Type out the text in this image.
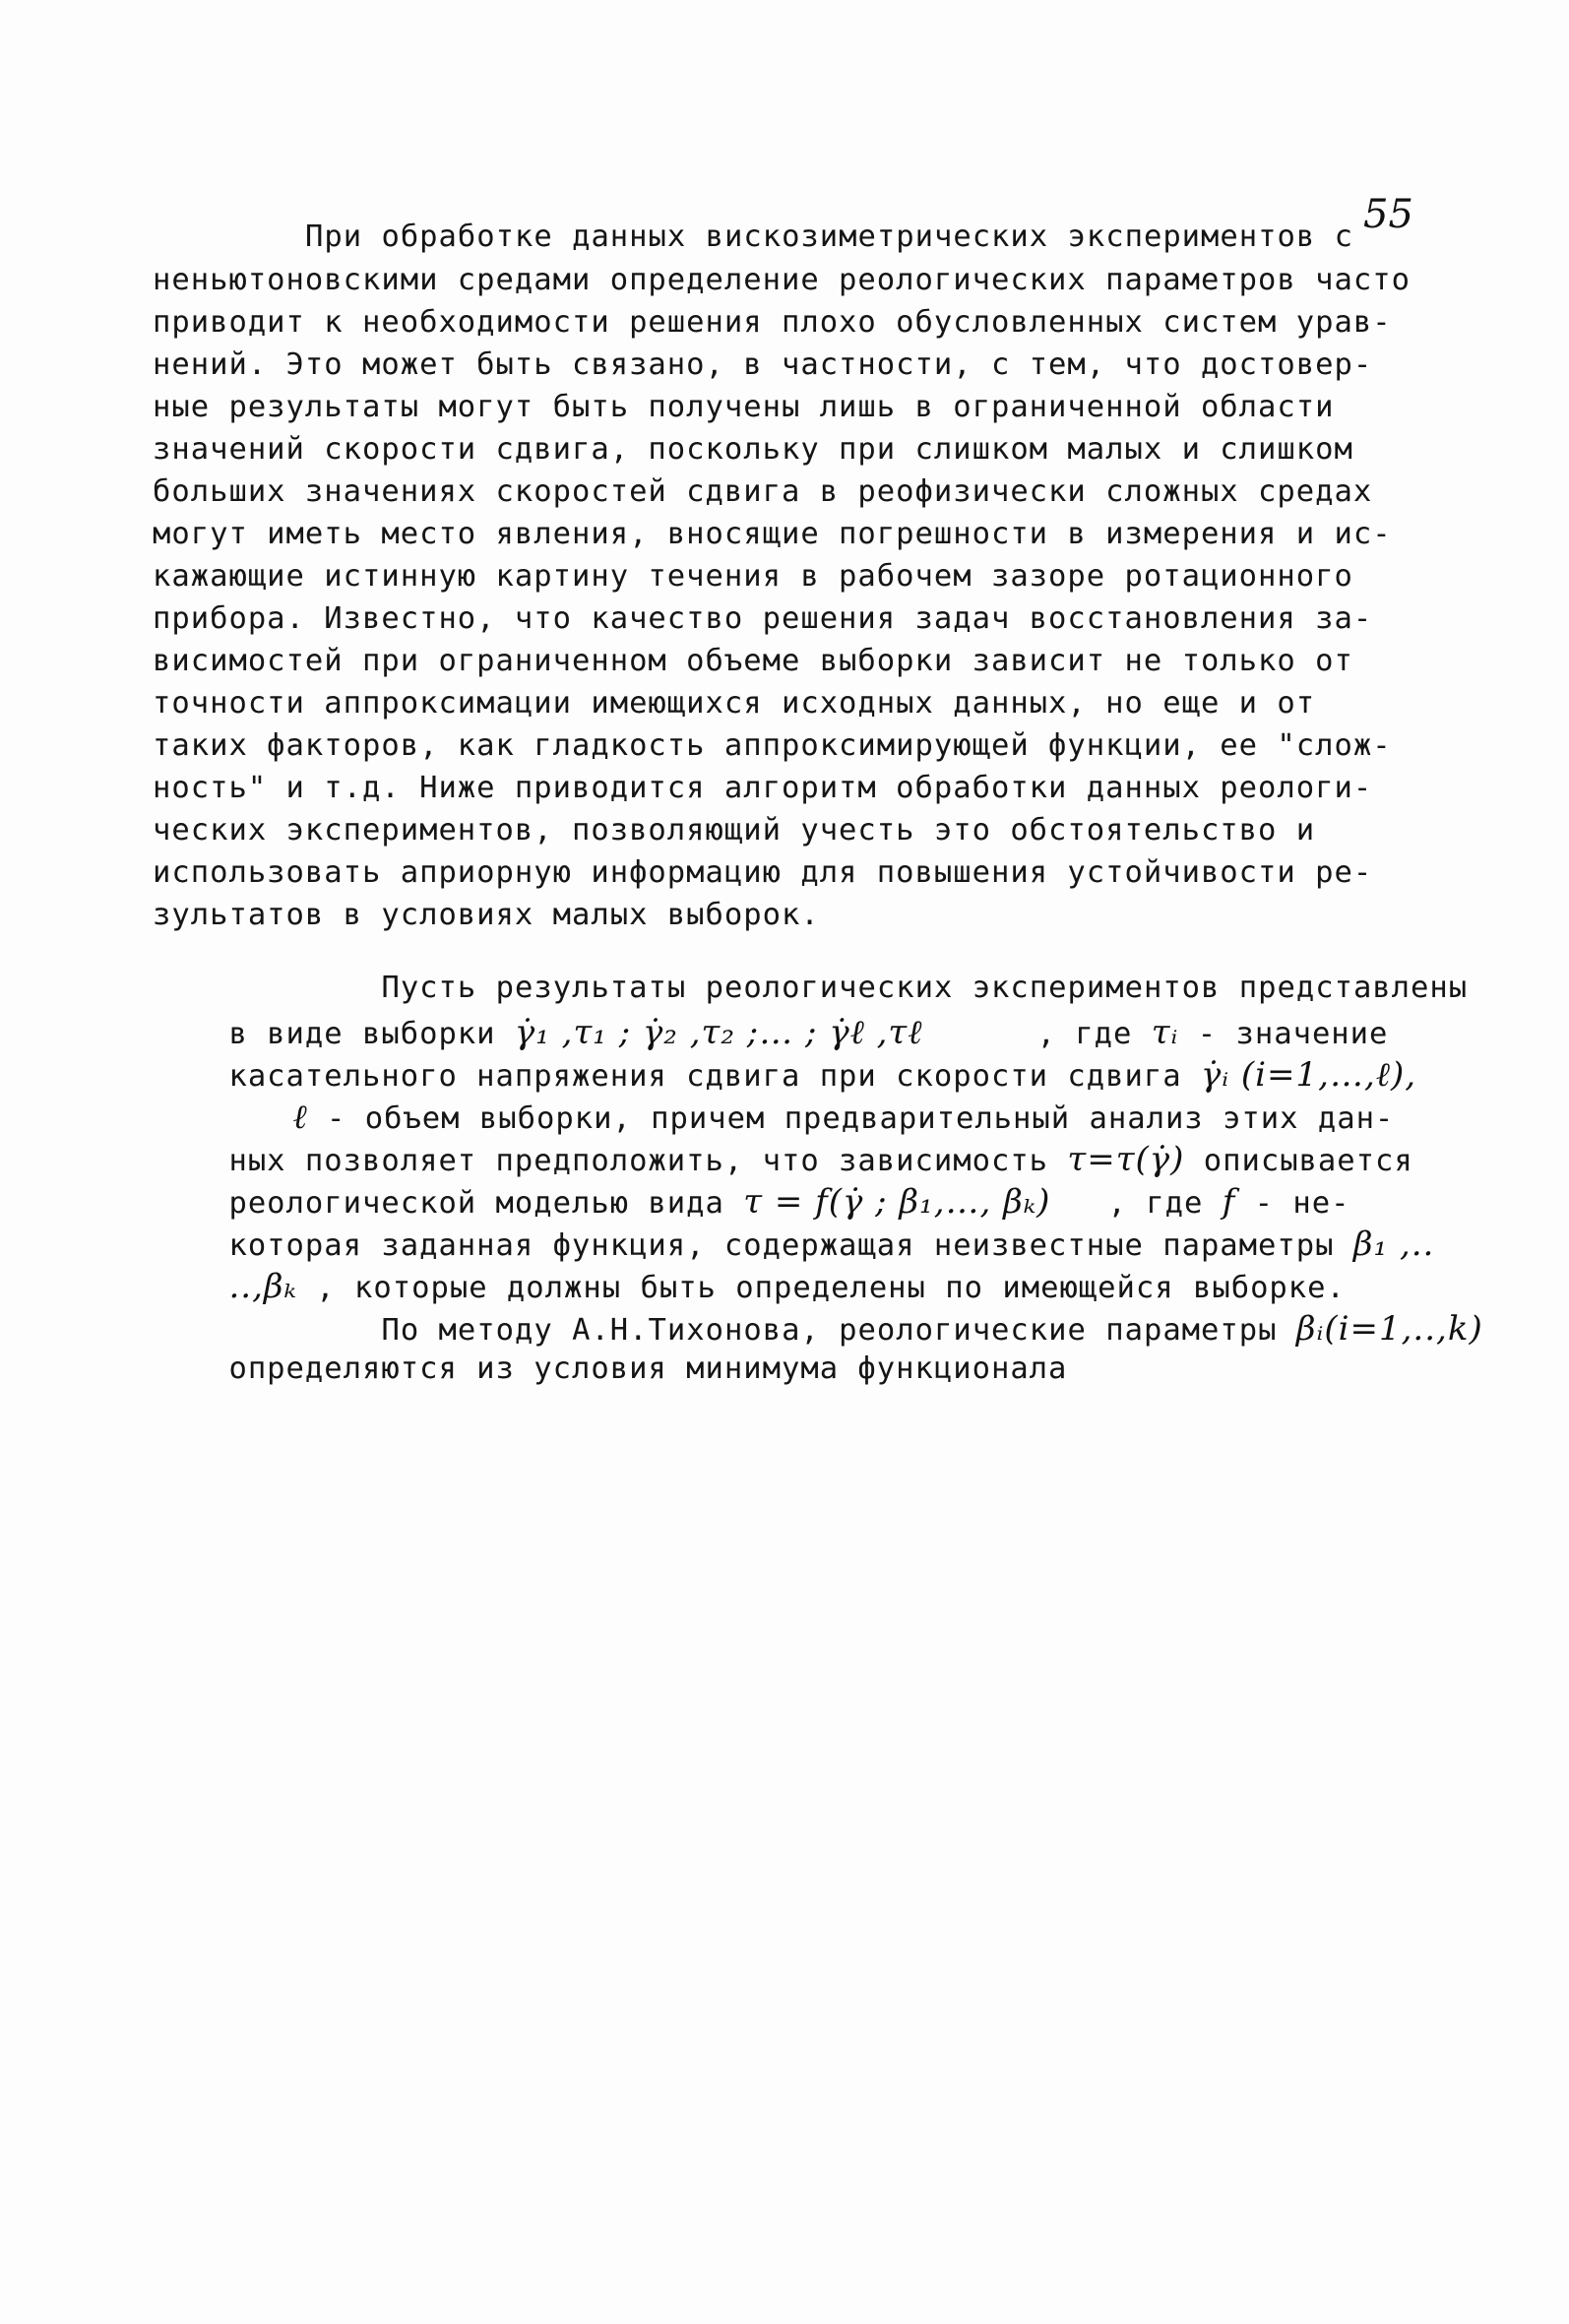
55
При обработке данных вискозиметрических экспериментов с
неньютоновскими средами определение реологических параметров часто
приводит к необходимости решения плохо обусловленных систем урав-
нений. Это может быть связано, в частности, с тем, что достовер-
ные результаты могут быть получены лишь в ограниченной области
значений скорости сдвига, поскольку при слишком малых и слишком
больших значениях скоростей сдвига в реофизически сложных средах
могут иметь место явления, вносящие погрешности в измерения и ис-
кажающие истинную картину течения в рабочем зазоре ротационного
прибора. Известно, что качество решения задач восстановления за-
висимостей при ограниченном объеме выборки зависит не только от
точности аппроксимации имеющихся исходных данных, но еще и от
таких факторов, как гладкость аппроксимирующей функции, ее "слож-
ность" и т.д. Ниже приводится алгоритм обработки данных реологи-
ческих экспериментов, позволяющий учесть это обстоятельство и
использовать априорную информацию для повышения устойчивости ре-
зультатов в условиях малых выборок.

Пусть результаты реологических экспериментов представлены

в виде выборки γ̇₁ ,τ₁ ; γ̇₂ ,τ₂ ;… ; γ̇ℓ ,τℓ      , где τᵢ - значение

касательного напряжения сдвига при скорости сдвига γ̇ᵢ (i=1,…,ℓ),

ℓ - объем выборки, причем предварительный анализ этих дан-

ных позволяет предположить, что зависимость τ=τ(γ̇) описывается

реологической моделью вида τ = f(γ̇ ; β₁,…, βₖ)   , где f - не-

которая заданная функция, содержащая неизвестные параметры β₁ ,..

..,βₖ , которые должны быть определены по имеющейся выборке.

По методу А.Н.Тихонова, реологические параметры βᵢ(i=1,..,k)

определяются из условия минимума функционала
